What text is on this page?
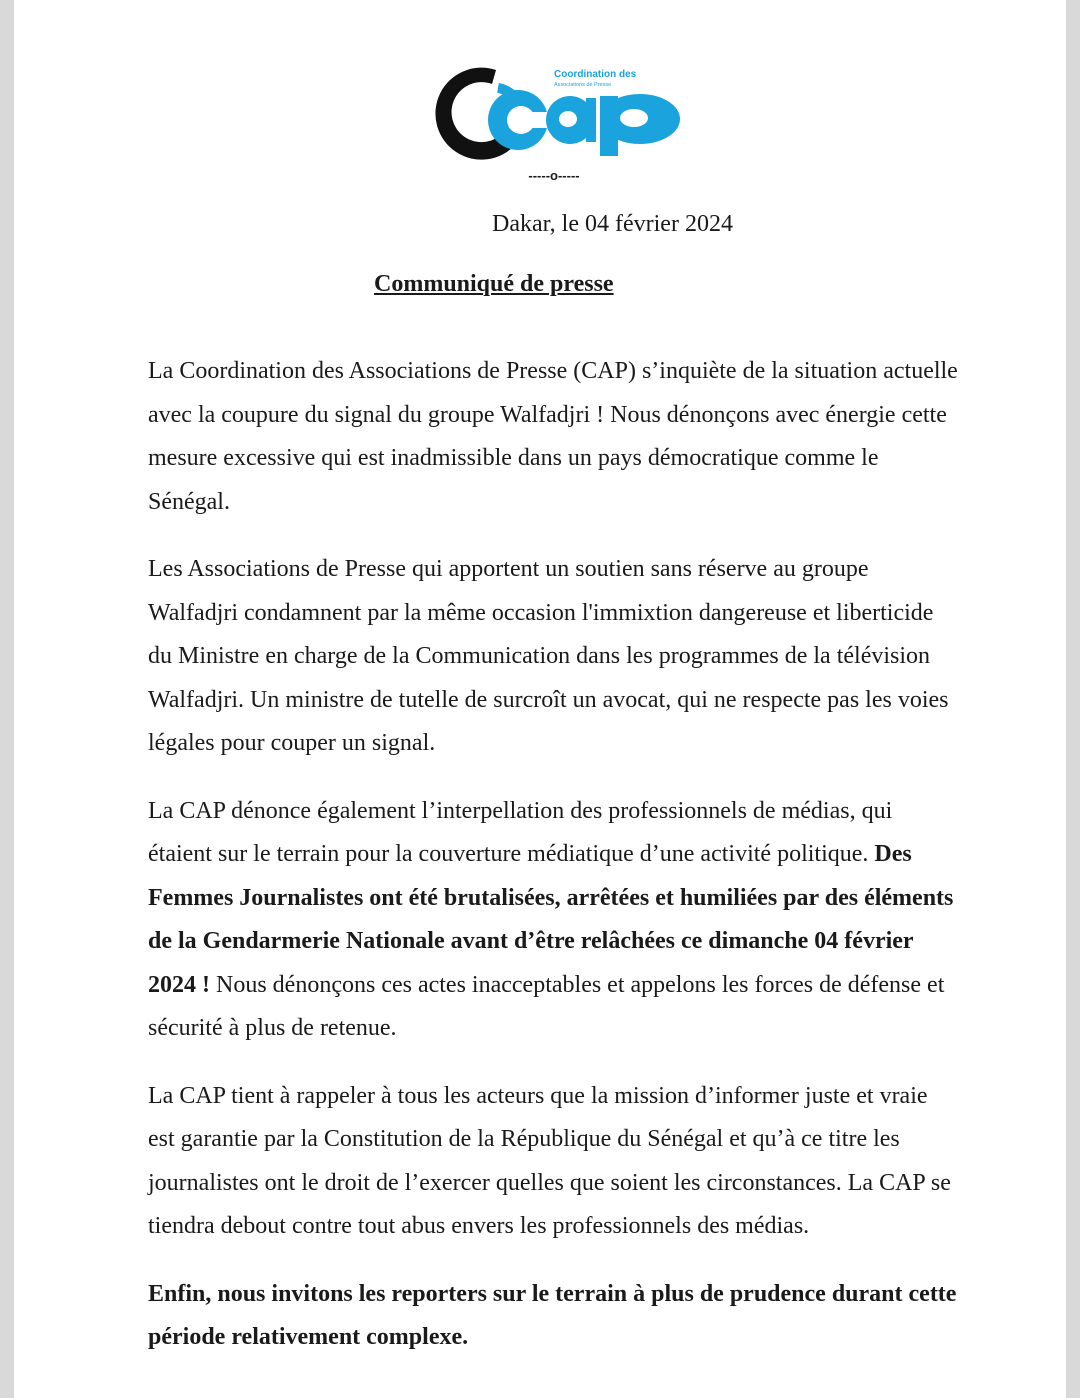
Coordination des
Associations de Presse
-----o-----
Dakar, le 04 février 2024
Communiqué de presse

La Coordination des Associations de Presse (CAP) s’inquiète de la situation actuelle avec la coupure du signal du groupe Walfadjri ! Nous dénonçons avec énergie cette mesure excessive qui est inadmissible dans un pays démocratique comme le Sénégal.

Les Associations de Presse qui apportent un soutien sans réserve au groupe Walfadjri condamnent par la même occasion l'immixtion dangereuse et liberticide du Ministre en charge de la Communication dans les programmes de la télévision Walfadjri. Un ministre de tutelle de surcroît un avocat, qui ne respecte pas les voies légales pour couper un signal.

La CAP dénonce également l’interpellation des professionnels de médias, qui étaient sur le terrain pour la couverture médiatique d’une activité politique. Des Femmes Journalistes ont été brutalisées, arrêtées et humiliées par des éléments de la Gendarmerie Nationale avant d’être relâchées ce dimanche 04 février 2024 ! Nous dénonçons ces actes inacceptables et appelons les forces de défense et sécurité à plus de retenue.

La CAP tient à rappeler à tous les acteurs que la mission d’informer juste et vraie est garantie par la Constitution de la République du Sénégal et qu’à ce titre les journalistes ont le droit de l’exercer quelles que soient les circonstances. La CAP se tiendra debout contre tout abus envers les professionnels des médias.

Enfin, nous invitons les reporters sur le terrain à plus de prudence durant cette période relativement complexe.
